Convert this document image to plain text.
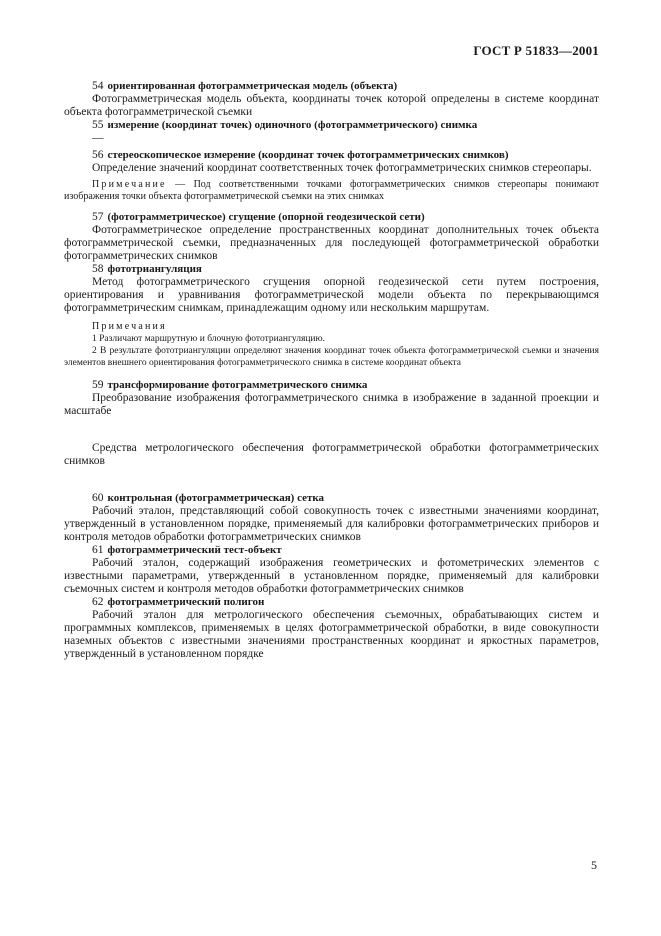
ГОСТ Р 51833—2001
54 ориентированная фотограмметрическая модель (объекта)
Фотограмметрическая модель объекта, координаты точек которой определены в системе координат объекта фотограмметрической съемки
55 измерение (координат точек) одиночного (фотограмметрического) снимка
—
56 стереоскопическое измерение (координат точек фотограмметрических снимков)
Определение значений координат соответственных точек фотограмметрических снимков стереопары.
Примечание — Под соответственными точками фотограмметрических снимков стереопары понимают изображения точки объекта фотограмметрической съемки на этих снимках
57 (фотограмметрическое) сгущение (опорной геодезической сети)
Фотограмметрическое определение пространственных координат дополнительных точек объекта фотограмметрической съемки, предназначенных для последующей фотограмметрической обработки фотограмметрических снимков
58 фототриангуляция
Метод фотограмметрического сгущения опорной геодезической сети путем построения, ориентирования и уравнивания фотограмметрической модели объекта по перекрывающимся фотограмметрическим снимкам, принадлежащим одному или нескольким маршрутам.
Примечания
1 Различают маршрутную и блочную фототриангуляцию.
2 В результате фототриангуляции определяют значения координат точек объекта фотограмметрической съемки и значения элементов внешнего ориентирования фотограмметрического снимка в системе координат объекта
59 трансформирование фотограмметрического снимка
Преобразование изображения фотограмметрического снимка в изображение в заданной проекции и масштабе
Средства метрологического обеспечения фотограмметрической обработки фотограмметрических снимков
60 контрольная (фотограмметрическая) сетка
Рабочий эталон, представляющий собой совокупность точек с известными значениями координат, утвержденный в установленном порядке, применяемый для калибровки фотограмметрических приборов и контроля методов обработки фотограмметрических снимков
61 фотограмметрический тест-объект
Рабочий эталон, содержащий изображения геометрических и фотометрических элементов с известными параметрами, утвержденный в установленном порядке, применяемый для калибровки съемочных систем и контроля методов обработки фотограмметрических снимков
62 фотограмметрический полигон
Рабочий эталон для метрологического обеспечения съемочных, обрабатывающих систем и программных комплексов, применяемых в целях фотограмметрической обработки, в виде совокупности наземных объектов с известными значениями пространственных координат и яркостных параметров, утвержденный в установленном порядке
5
